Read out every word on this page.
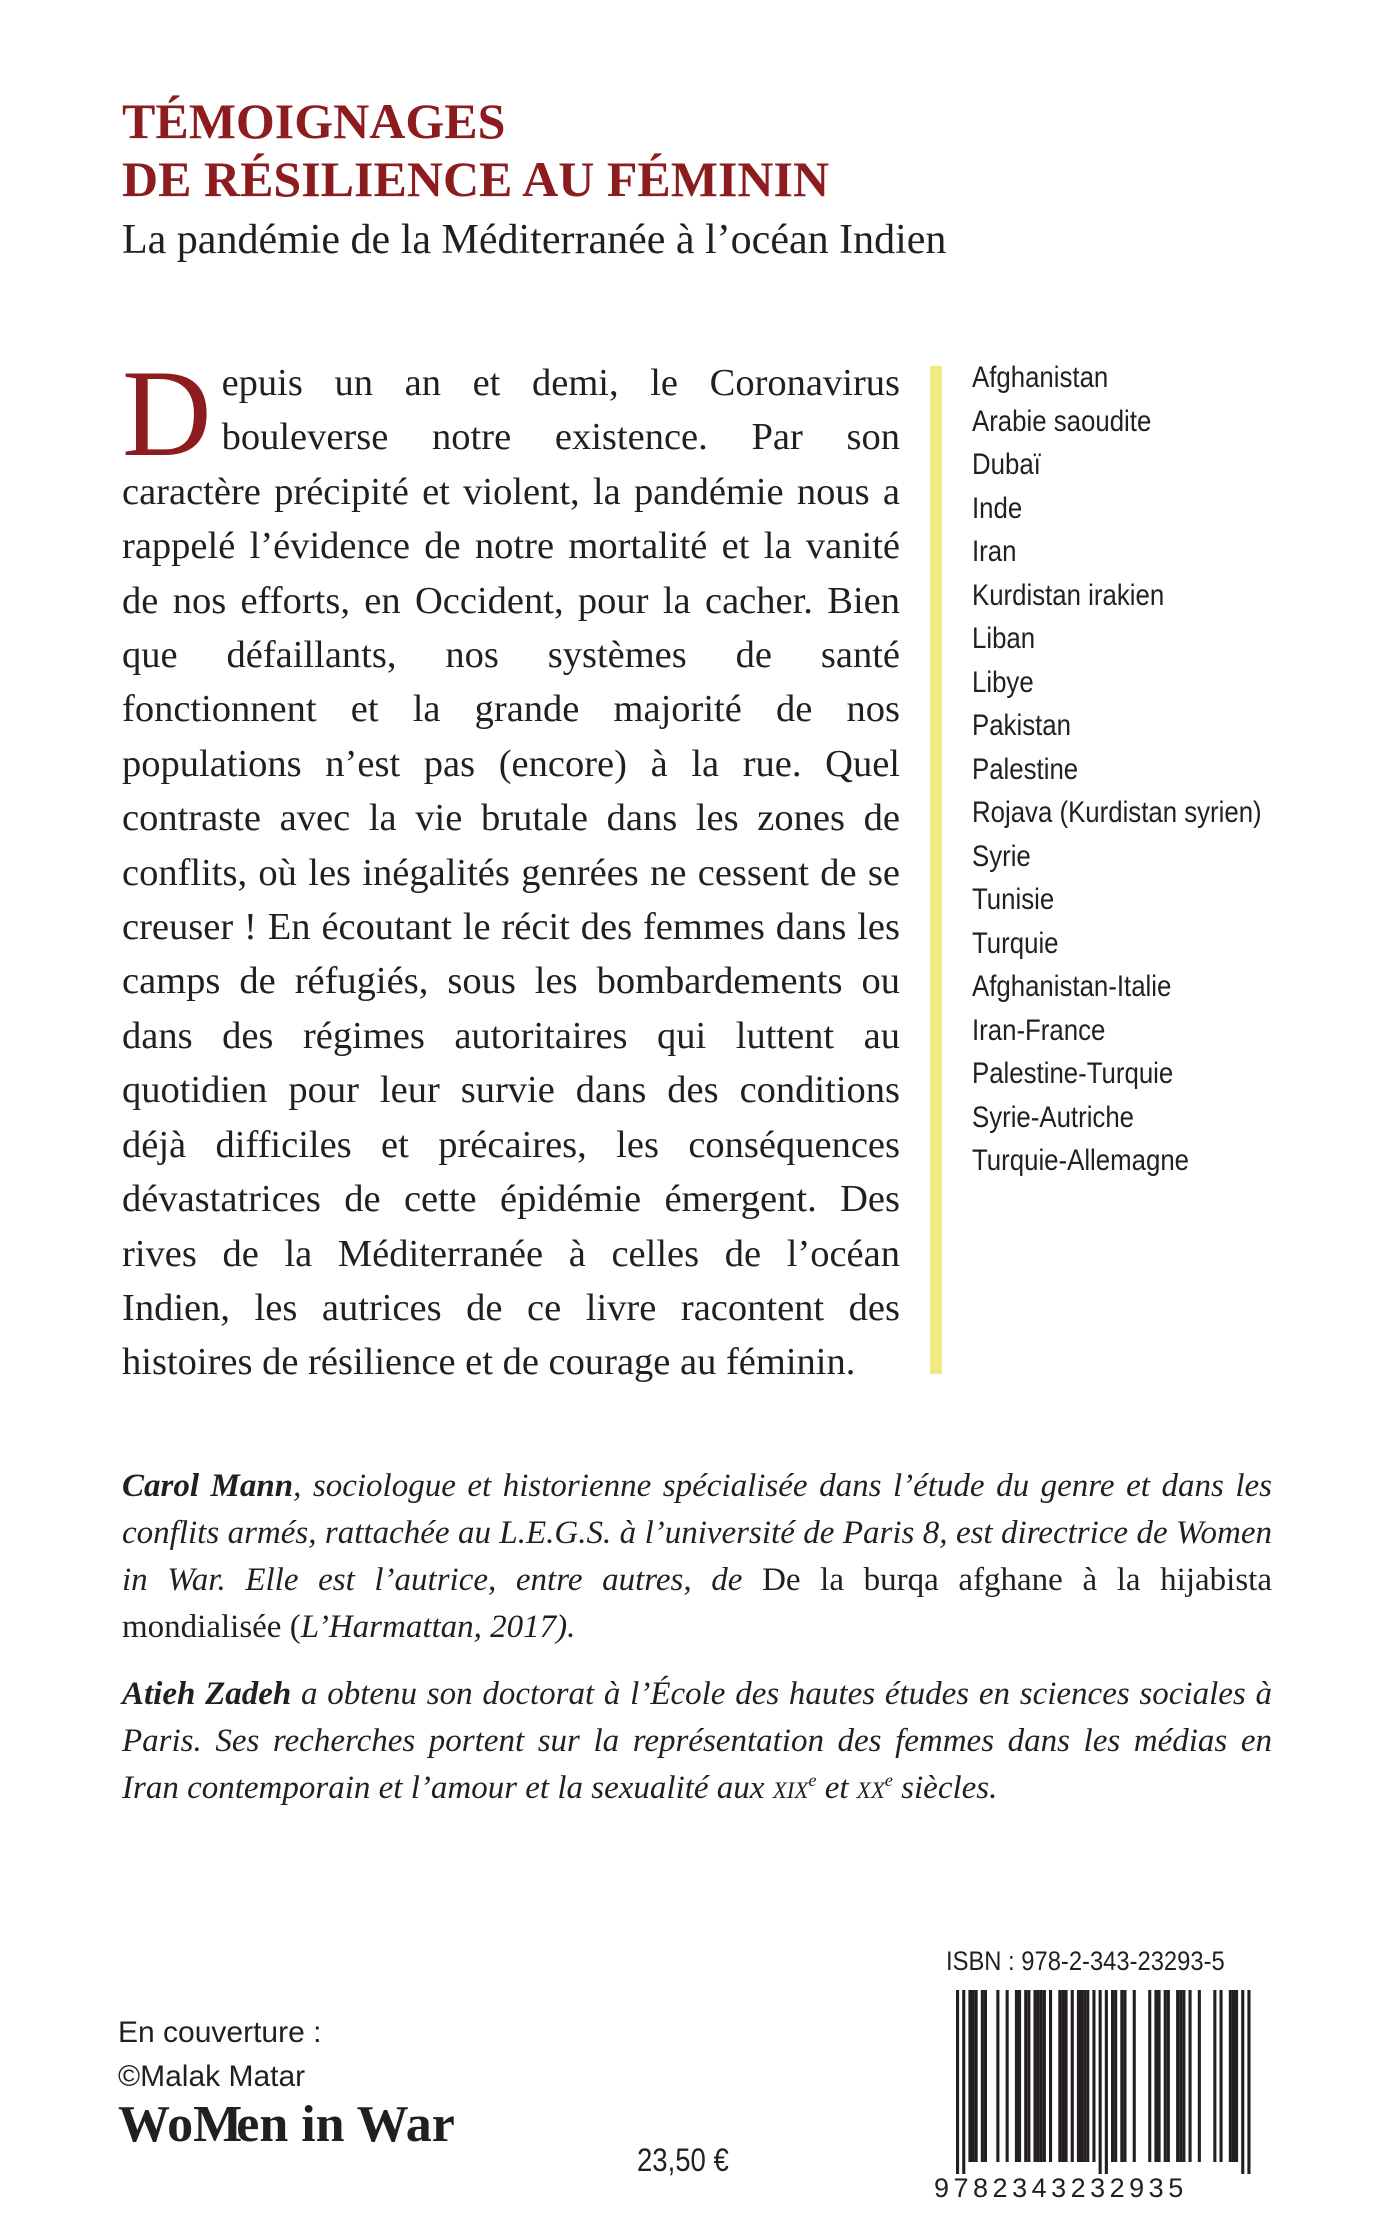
TÉMOIGNAGES
DE RÉSILIENCE AU FÉMININ
La pandémie de la Méditerranée à l’océan Indien

Depuis un an et demi, le Coronavirus bouleverse notre existence. Par son caractère précipité et violent, la pandémie nous a rappelé l’évidence de notre mortalité et la vanité de nos efforts, en Occident, pour la cacher. Bien que défaillants, nos systèmes de santé fonctionnent et la grande majorité de nos populations n’est pas (encore) à la rue. Quel contraste avec la vie brutale dans les zones de conflits, où les inégalités genrées ne cessent de se creuser ! En écoutant le récit des femmes dans les camps de réfugiés, sous les bombardements ou dans des régimes autoritaires qui luttent au quotidien pour leur survie dans des conditions déjà difficiles et précaires, les conséquences dévastatrices de cette épidémie émergent. Des rives de la Méditerranée à celles de l’océan Indien, les autrices de ce livre racontent des histoires de résilience et de courage au féminin.

Afghanistan
Arabie saoudite
Dubaï
Inde
Iran
Kurdistan irakien
Liban
Libye
Pakistan
Palestine
Rojava (Kurdistan syrien)
Syrie
Tunisie
Turquie
Afghanistan-Italie
Iran-France
Palestine-Turquie
Syrie-Autriche
Turquie-Allemagne

Carol Mann, sociologue et historienne spécialisée dans l’étude du genre et dans les conflits armés, rattachée au L.E.G.S. à l’université de Paris 8, est directrice de Women in War. Elle est l’autrice, entre autres, de De la burqa afghane à la hijabista mondialisée (L’Harmattan, 2017).

Atieh Zadeh a obtenu son doctorat à l’École des hautes études en sciences sociales à Paris. Ses recherches portent sur la représentation des femmes dans les médias en Iran contemporain et l’amour et la sexualité aux xix$^e$ et $xx^e$ siècles.

En couverture :
©Malak Matar
WoMen in War
23,50 €
ISBN : 978-2-343-23293-5
9782343232935
